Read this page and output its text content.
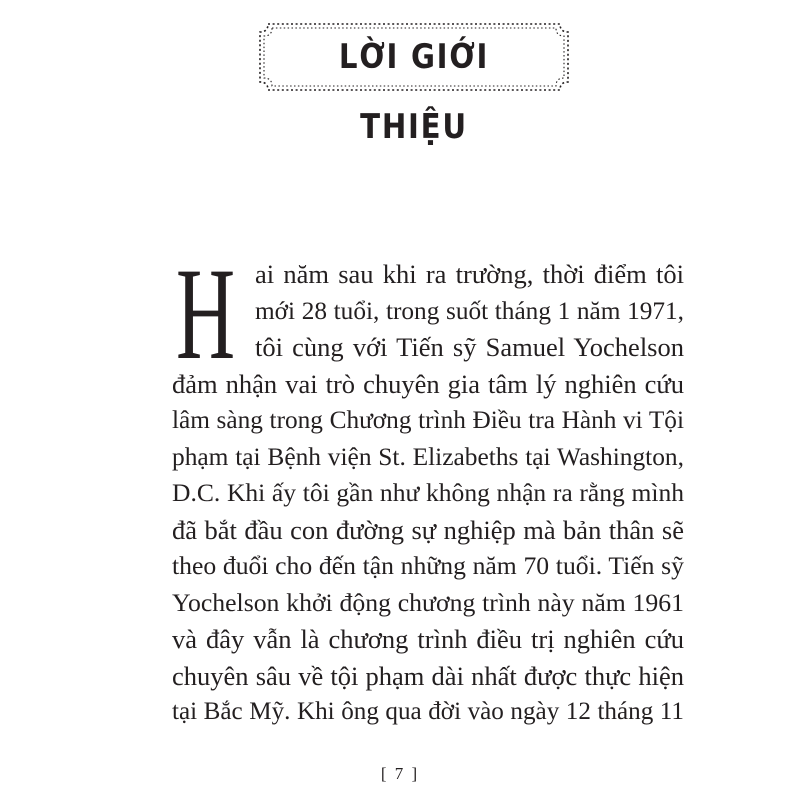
LỜI GIỚI THIỆU
H ai năm sau khi ra trường, thời điểm tôi
mới 28 tuổi, trong suốt tháng 1 năm 1971,
tôi cùng với Tiến sỹ Samuel Yochelson
đảm nhận vai trò chuyên gia tâm lý nghiên cứu
lâm sàng trong Chương trình Điều tra Hành vi Tội
phạm tại Bệnh viện St. Elizabeths tại Washington,
D.C. Khi ấy tôi gần như không nhận ra rằng mình
đã bắt đầu con đường sự nghiệp mà bản thân sẽ
theo đuổi cho đến tận những năm 70 tuổi. Tiến sỹ
Yochelson khởi động chương trình này năm 1961
và đây vẫn là chương trình điều trị nghiên cứu
chuyên sâu về tội phạm dài nhất được thực hiện
tại Bắc Mỹ. Khi ông qua đời vào ngày 12 tháng 11
[ 7 ]
